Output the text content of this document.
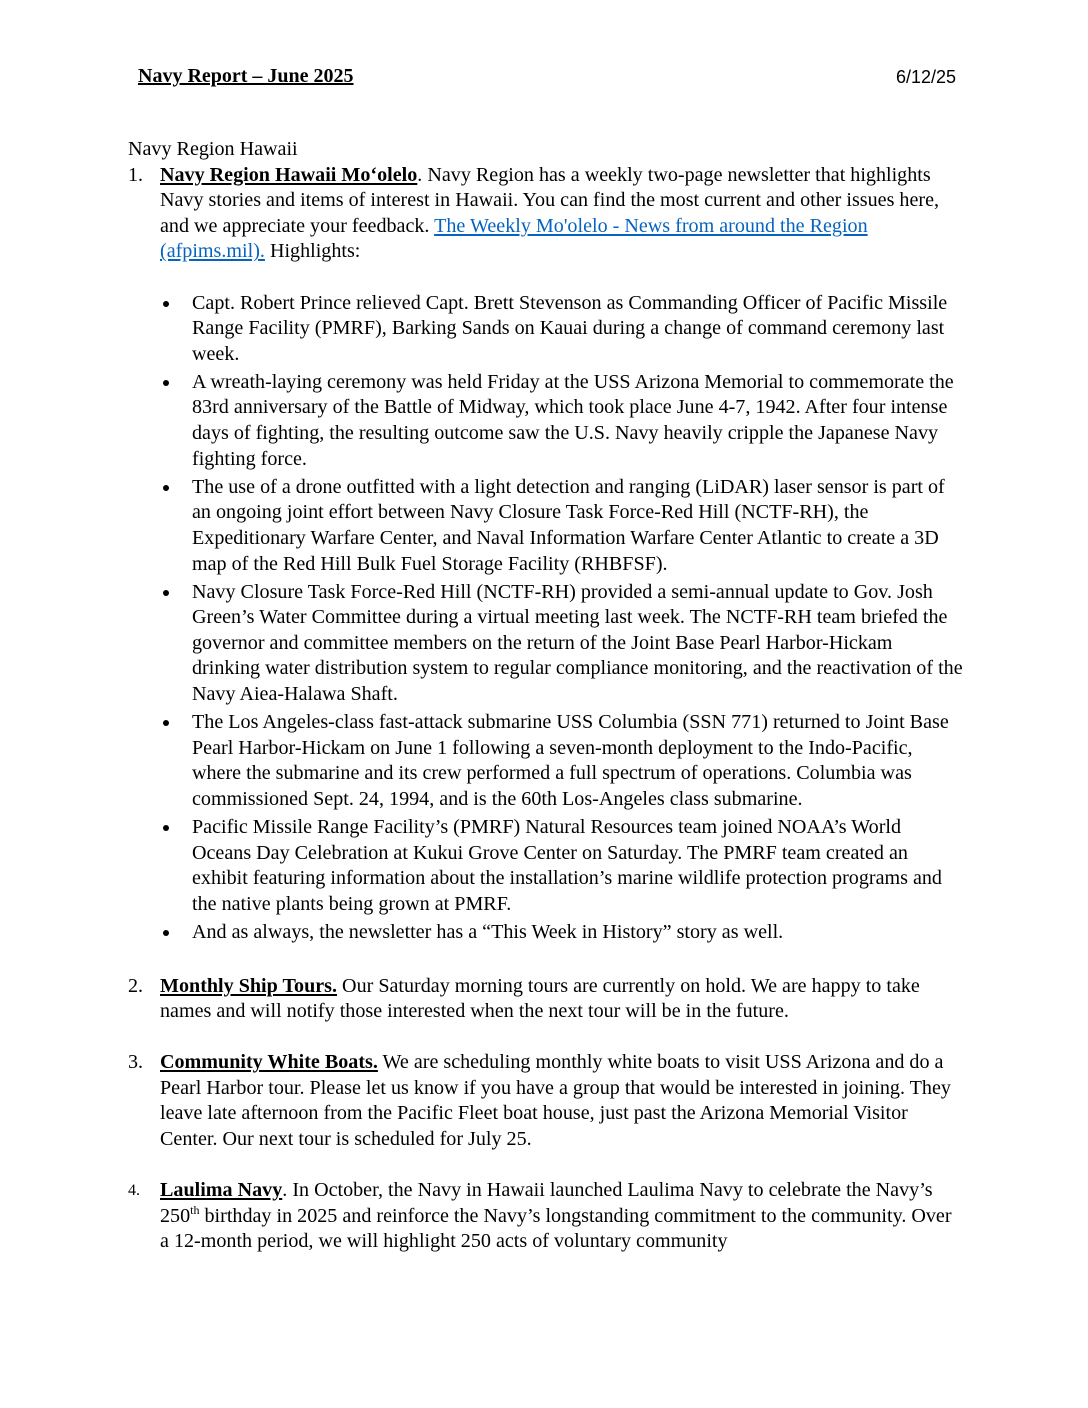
Navy Report – June 2025	6/12/25

Navy Region Hawaii

1. Navy Region Hawaii Mo‘olelo. Navy Region has a weekly two-page newsletter that highlights Navy stories and items of interest in Hawaii. You can find the most current and other issues here, and we appreciate your feedback. The Weekly Mo'olelo - News from around the Region (afpims.mil). Highlights:
Capt. Robert Prince relieved Capt. Brett Stevenson as Commanding Officer of Pacific Missile Range Facility (PMRF), Barking Sands on Kauai during a change of command ceremony last week.
A wreath-laying ceremony was held Friday at the USS Arizona Memorial to commemorate the 83rd anniversary of the Battle of Midway, which took place June 4-7, 1942. After four intense days of fighting, the resulting outcome saw the U.S. Navy heavily cripple the Japanese Navy fighting force.
The use of a drone outfitted with a light detection and ranging (LiDAR) laser sensor is part of an ongoing joint effort between Navy Closure Task Force-Red Hill (NCTF-RH), the Expeditionary Warfare Center, and Naval Information Warfare Center Atlantic to create a 3D map of the Red Hill Bulk Fuel Storage Facility (RHBFSF).
Navy Closure Task Force-Red Hill (NCTF-RH) provided a semi-annual update to Gov. Josh Green’s Water Committee during a virtual meeting last week. The NCTF-RH team briefed the governor and committee members on the return of the Joint Base Pearl Harbor-Hickam drinking water distribution system to regular compliance monitoring, and the reactivation of the Navy Aiea-Halawa Shaft.
The Los Angeles-class fast-attack submarine USS Columbia (SSN 771) returned to Joint Base Pearl Harbor-Hickam on June 1 following a seven-month deployment to the Indo-Pacific, where the submarine and its crew performed a full spectrum of operations. Columbia was commissioned Sept. 24, 1994, and is the 60th Los-Angeles class submarine.
Pacific Missile Range Facility’s (PMRF) Natural Resources team joined NOAA’s World Oceans Day Celebration at Kukui Grove Center on Saturday. The PMRF team created an exhibit featuring information about the installation’s marine wildlife protection programs and the native plants being grown at PMRF.
And as always, the newsletter has a “This Week in History” story as well.
2. Monthly Ship Tours. Our Saturday morning tours are currently on hold. We are happy to take names and will notify those interested when the next tour will be in the future.
3. Community White Boats. We are scheduling monthly white boats to visit USS Arizona and do a Pearl Harbor tour. Please let us know if you have a group that would be interested in joining. They leave late afternoon from the Pacific Fleet boat house, just past the Arizona Memorial Visitor Center. Our next tour is scheduled for July 25.
4. Laulima Navy. In October, the Navy in Hawaii launched Laulima Navy to celebrate the Navy’s 250th birthday in 2025 and reinforce the Navy’s longstanding commitment to the community. Over a 12-month period, we will highlight 250 acts of voluntary community
